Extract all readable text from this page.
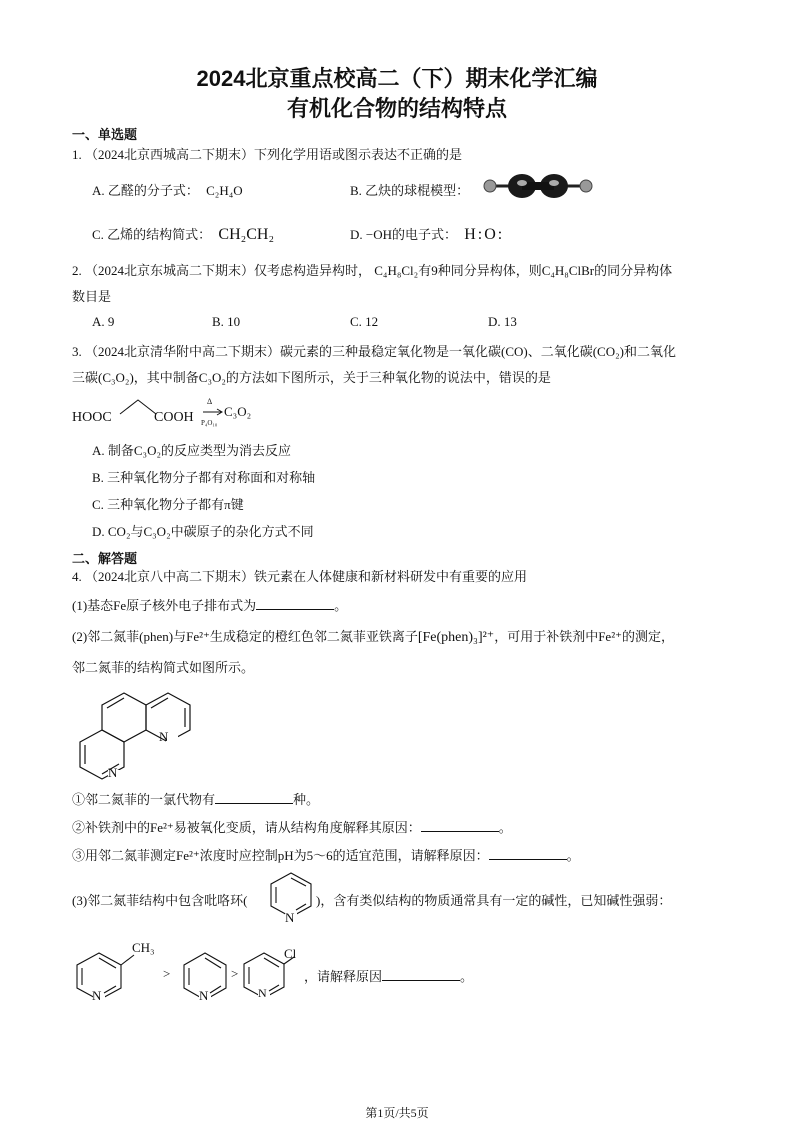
2024北京重点校高二（下）期末化学汇编
有机化合物的结构特点
一、单选题
1. （2024北京西城高二下期末）下列化学用语或图示表达不正确的是
A. 乙醛的分子式： C₂H₄O	B. 乙炔的球棍模型：
C. 乙烯的结构简式： CH₂CH₂	D. −OH的电子式： H:O:
2. （2024北京东城高二下期末）仅考虑构造异构时， C₄H₈Cl₂有9种同分异构体，则C₄H₈ClBr的同分异构体
数目是
A. 9	B. 10	C. 12	D. 13
3. （2024北京清华附中高二下期末）碳元素的三种最稳定氧化物是一氧化碳(CO)、二氧化碳(CO₂)和二氧化
三碳(C₃O₂)，其中制备C₃O₂的方法如下图所示，关于三种氧化物的说法中，错误的是
HOOC	COOH
Δ
P₄O₁₀
C₃O₂
A. 制备C₃O₂的反应类型为消去反应
B. 三种氧化物分子都有对称面和对称轴
C. 三种氧化物分子都有π键
D. CO₂与C₃O₂中碳原子的杂化方式不同
二、解答题
4. （2024北京八中高二下期末）铁元素在人体健康和新材料研发中有重要的应用
(1)基态Fe原子核外电子排布式为	。
(2)邻二氮菲(phen)与Fe²⁺生成稳定的橙红色邻二氮菲亚铁离子[Fe(phen)₃]²⁺，可用于补铁剂中Fe²⁺的测定，
邻二氮菲的结构简式如图所示。
N
N
①邻二氮菲的一氯代物有	种。
②补铁剂中的Fe²⁺易被氧化变质，请从结构角度解释其原因：	。
③用邻二氮菲测定Fe²⁺浓度时应控制pH为5～6的适宜范围，请解释原因：	。
(3)邻二氮菲结构中包含吡咯环(
N
)，含有类似结构的物质通常具有一定的碱性，已知碱性强弱：
N
CH₃
>
N
>
N
Cl
，请解释原因	。
第1页/共5页
